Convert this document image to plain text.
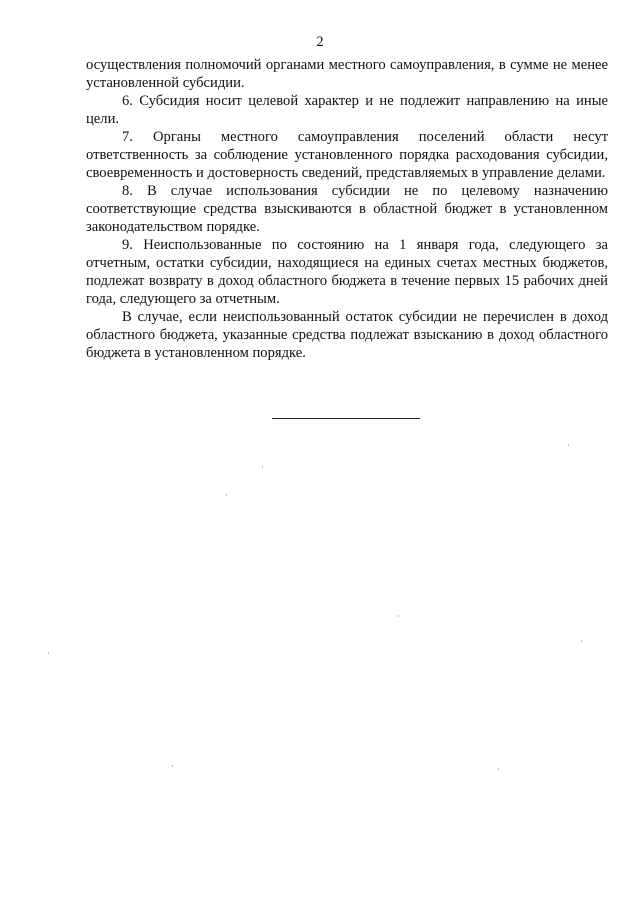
2

осуществления полномочий органами местного самоуправления, в сумме не менее установленной субсидии.

6. Субсидия носит целевой характер и не подлежит направлению на иные цели.

7. Органы местного самоуправления поселений области несут ответственность за соблюдение установленного порядка расходования субсидии, своевременность и достоверность сведений, представляемых в управление делами.

8. В случае использования субсидии не по целевому назначению соответствующие средства взыскиваются в областной бюджет в установленном законодательством порядке.

9. Неиспользованные по состоянию на 1 января года, следующего за отчетным, остатки субсидии, находящиеся на единых счетах местных бюджетов, подлежат возврату в доход областного бюджета в течение первых 15 рабочих дней года, следующего за отчетным.

В случае, если неиспользованный остаток субсидии не перечислен в доход областного бюджета, указанные средства подлежат взысканию в доход областного бюджета в установленном порядке.
